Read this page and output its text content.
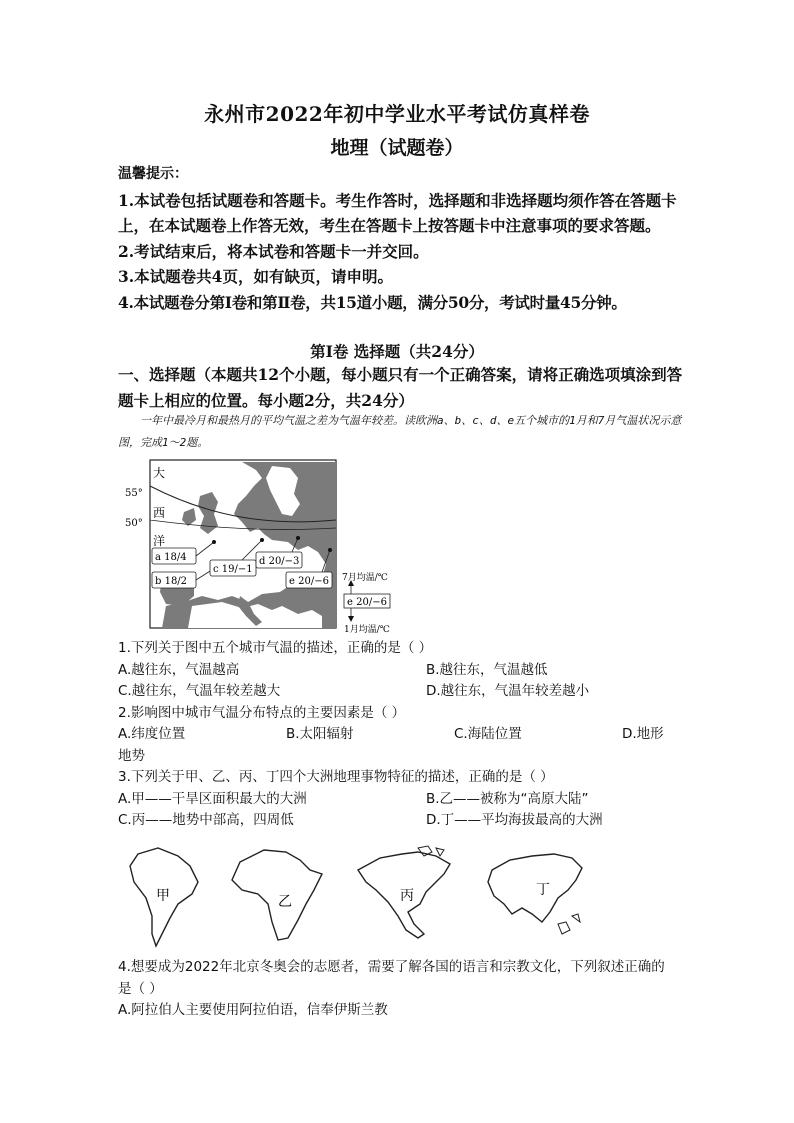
永州市2022年初中学业水平考试仿真样卷
地理（试题卷）

温馨提示：

1.本试卷包括试题卷和答题卡。考生作答时，选择题和非选择题均须作答在答题卡上，在本试题卷上作答无效，考生在答题卡上按答题卡中注意事项的要求答题。

2.考试结束后，将本试卷和答题卡一并交回。

3.本试题卷共4页，如有缺页，请申明。

4.本试题卷分第Ⅰ卷和第Ⅱ卷，共15道小题，满分50分，考试时量45分钟。

第Ⅰ卷 选择题（共24分）

一、选择题（本题共12个小题，每小题只有一个正确答案，请将正确选项填涂到答题卡上相应的位置。每小题2分，共24分）

一年中最冷月和最热月的平均气温之差为气温年较差。读欧洲a、b、c、d、e五个城市的1月和7月气温状况示意图，完成1～2题。

55°
50°
大
西
洋
a 18/4
b 18/2
c 19/−1
d 20/−3
e 20/−6
e 20/−6
7月均温/℃
1月均温/℃

1.下列关于图中五个城市气温的描述，正确的是（ ）

A.越往东，气温越高	B.越往东，气温越低
C.越往东，气温年较差越大	D.越往东，气温年较差越小

2.影响图中城市气温分布特点的主要因素是（ ）

A.纬度位置	B.太阳辐射	C.海陆位置	D.地形

地势

3.下列关于甲、乙、丙、丁四个大洲地理事物特征的描述，正确的是（ ）

A.甲——干旱区面积最大的大洲	B.乙——被称为“高原大陆”
C.丙——地势中部高，四周低	D.丁——平均海拔最高的大洲
甲	乙	丙	丁

4.想要成为2022年北京冬奥会的志愿者，需要了解各国的语言和宗教文化，下列叙述正确的是（ ）

A.阿拉伯人主要使用阿拉伯语，信奉伊斯兰教
